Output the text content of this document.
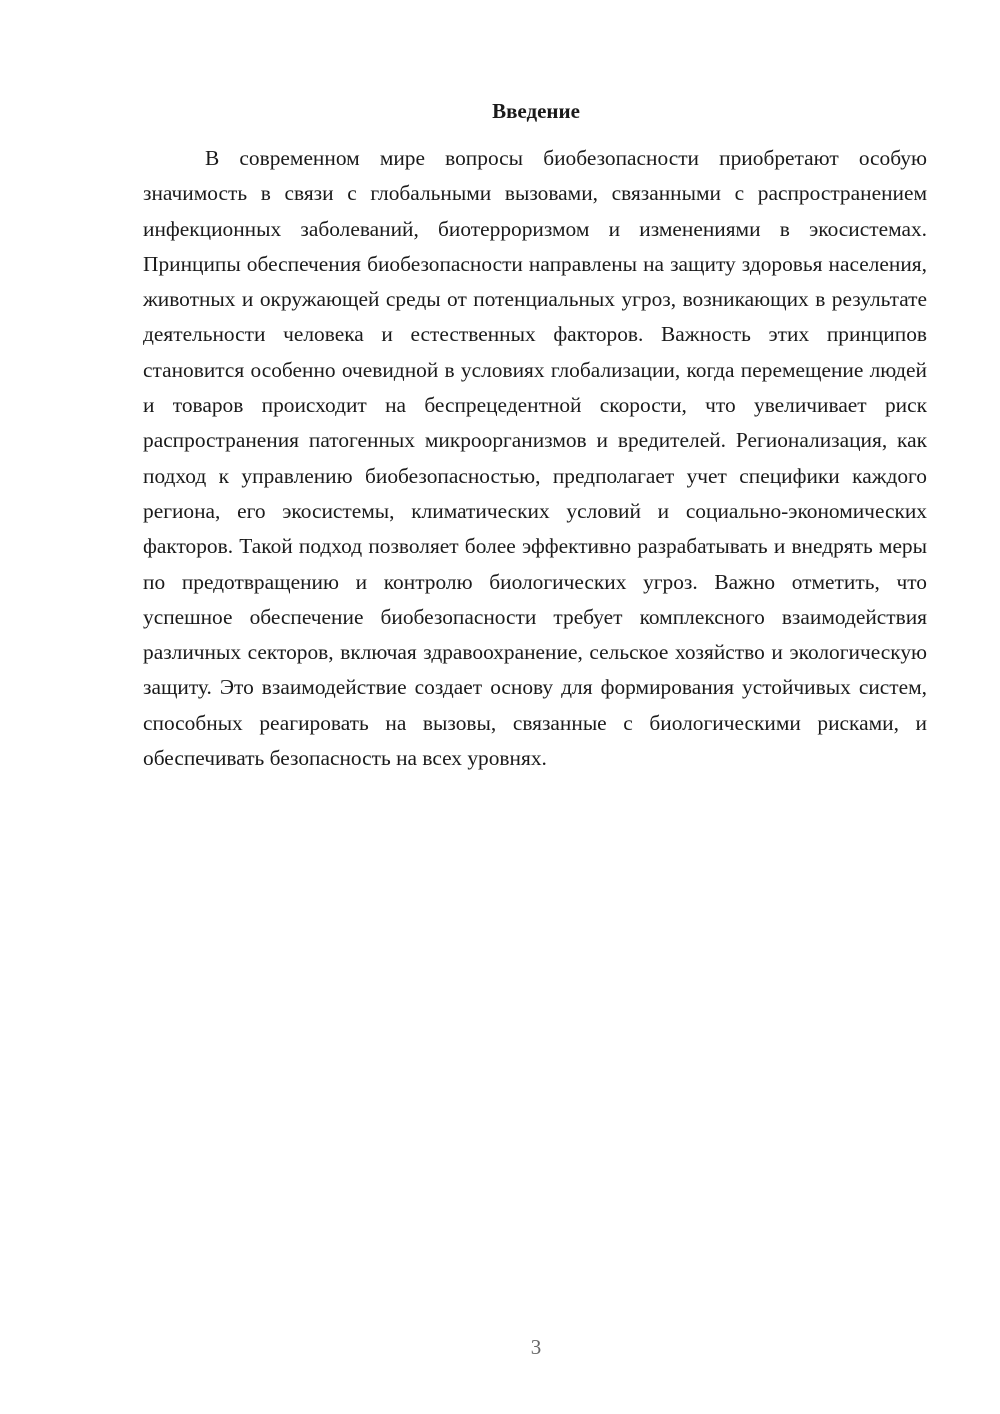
Введение

В современном мире вопросы биобезопасности приобретают особую значимость в связи с глобальными вызовами, связанными с распространением инфекционных заболеваний, биотерроризмом и изменениями в экосистемах. Принципы обеспечения биобезопасности направлены на защиту здоровья населения, животных и окружающей среды от потенциальных угроз, возникающих в результате деятельности человека и естественных факторов. Важность этих принципов становится особенно очевидной в условиях глобализации, когда перемещение людей и товаров происходит на беспрецедентной скорости, что увеличивает риск распространения патогенных микроорганизмов и вредителей. Регионализация, как подход к управлению биобезопасностью, предполагает учет специфики каждого региона, его экосистемы, климатических условий и социально-экономических факторов. Такой подход позволяет более эффективно разрабатывать и внедрять меры по предотвращению и контролю биологических угроз. Важно отметить, что успешное обеспечение биобезопасности требует комплексного взаимодействия различных секторов, включая здравоохранение, сельское хозяйство и экологическую защиту. Это взаимодействие создает основу для формирования устойчивых систем, способных реагировать на вызовы, связанные с биологическими рисками, и обеспечивать безопасность на всех уровнях.

3
